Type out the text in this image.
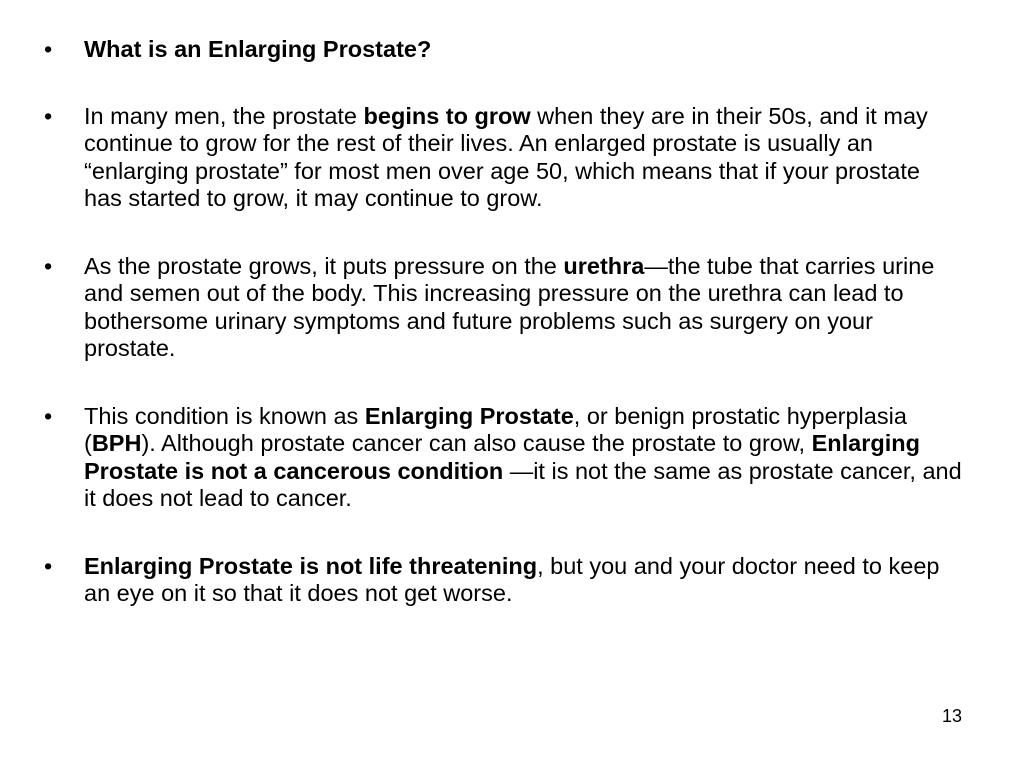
• What is an Enlarging Prostate?
• In many men, the prostate begins to grow when they are in their 50s, and it may continue to grow for the rest of their lives. An enlarged prostate is usually an “enlarging prostate” for most men over age 50, which means that if your prostate has started to grow, it may continue to grow.
• As the prostate grows, it puts pressure on the urethra—the tube that carries urine and semen out of the body. This increasing pressure on the urethra can lead to bothersome urinary symptoms and future problems such as surgery on your prostate.
• This condition is known as Enlarging Prostate, or benign prostatic hyperplasia (BPH). Although prostate cancer can also cause the prostate to grow, Enlarging Prostate is not a cancerous condition —it is not the same as prostate cancer, and it does not lead to cancer.
• Enlarging Prostate is not life threatening, but you and your doctor need to keep an eye on it so that it does not get worse.
13
